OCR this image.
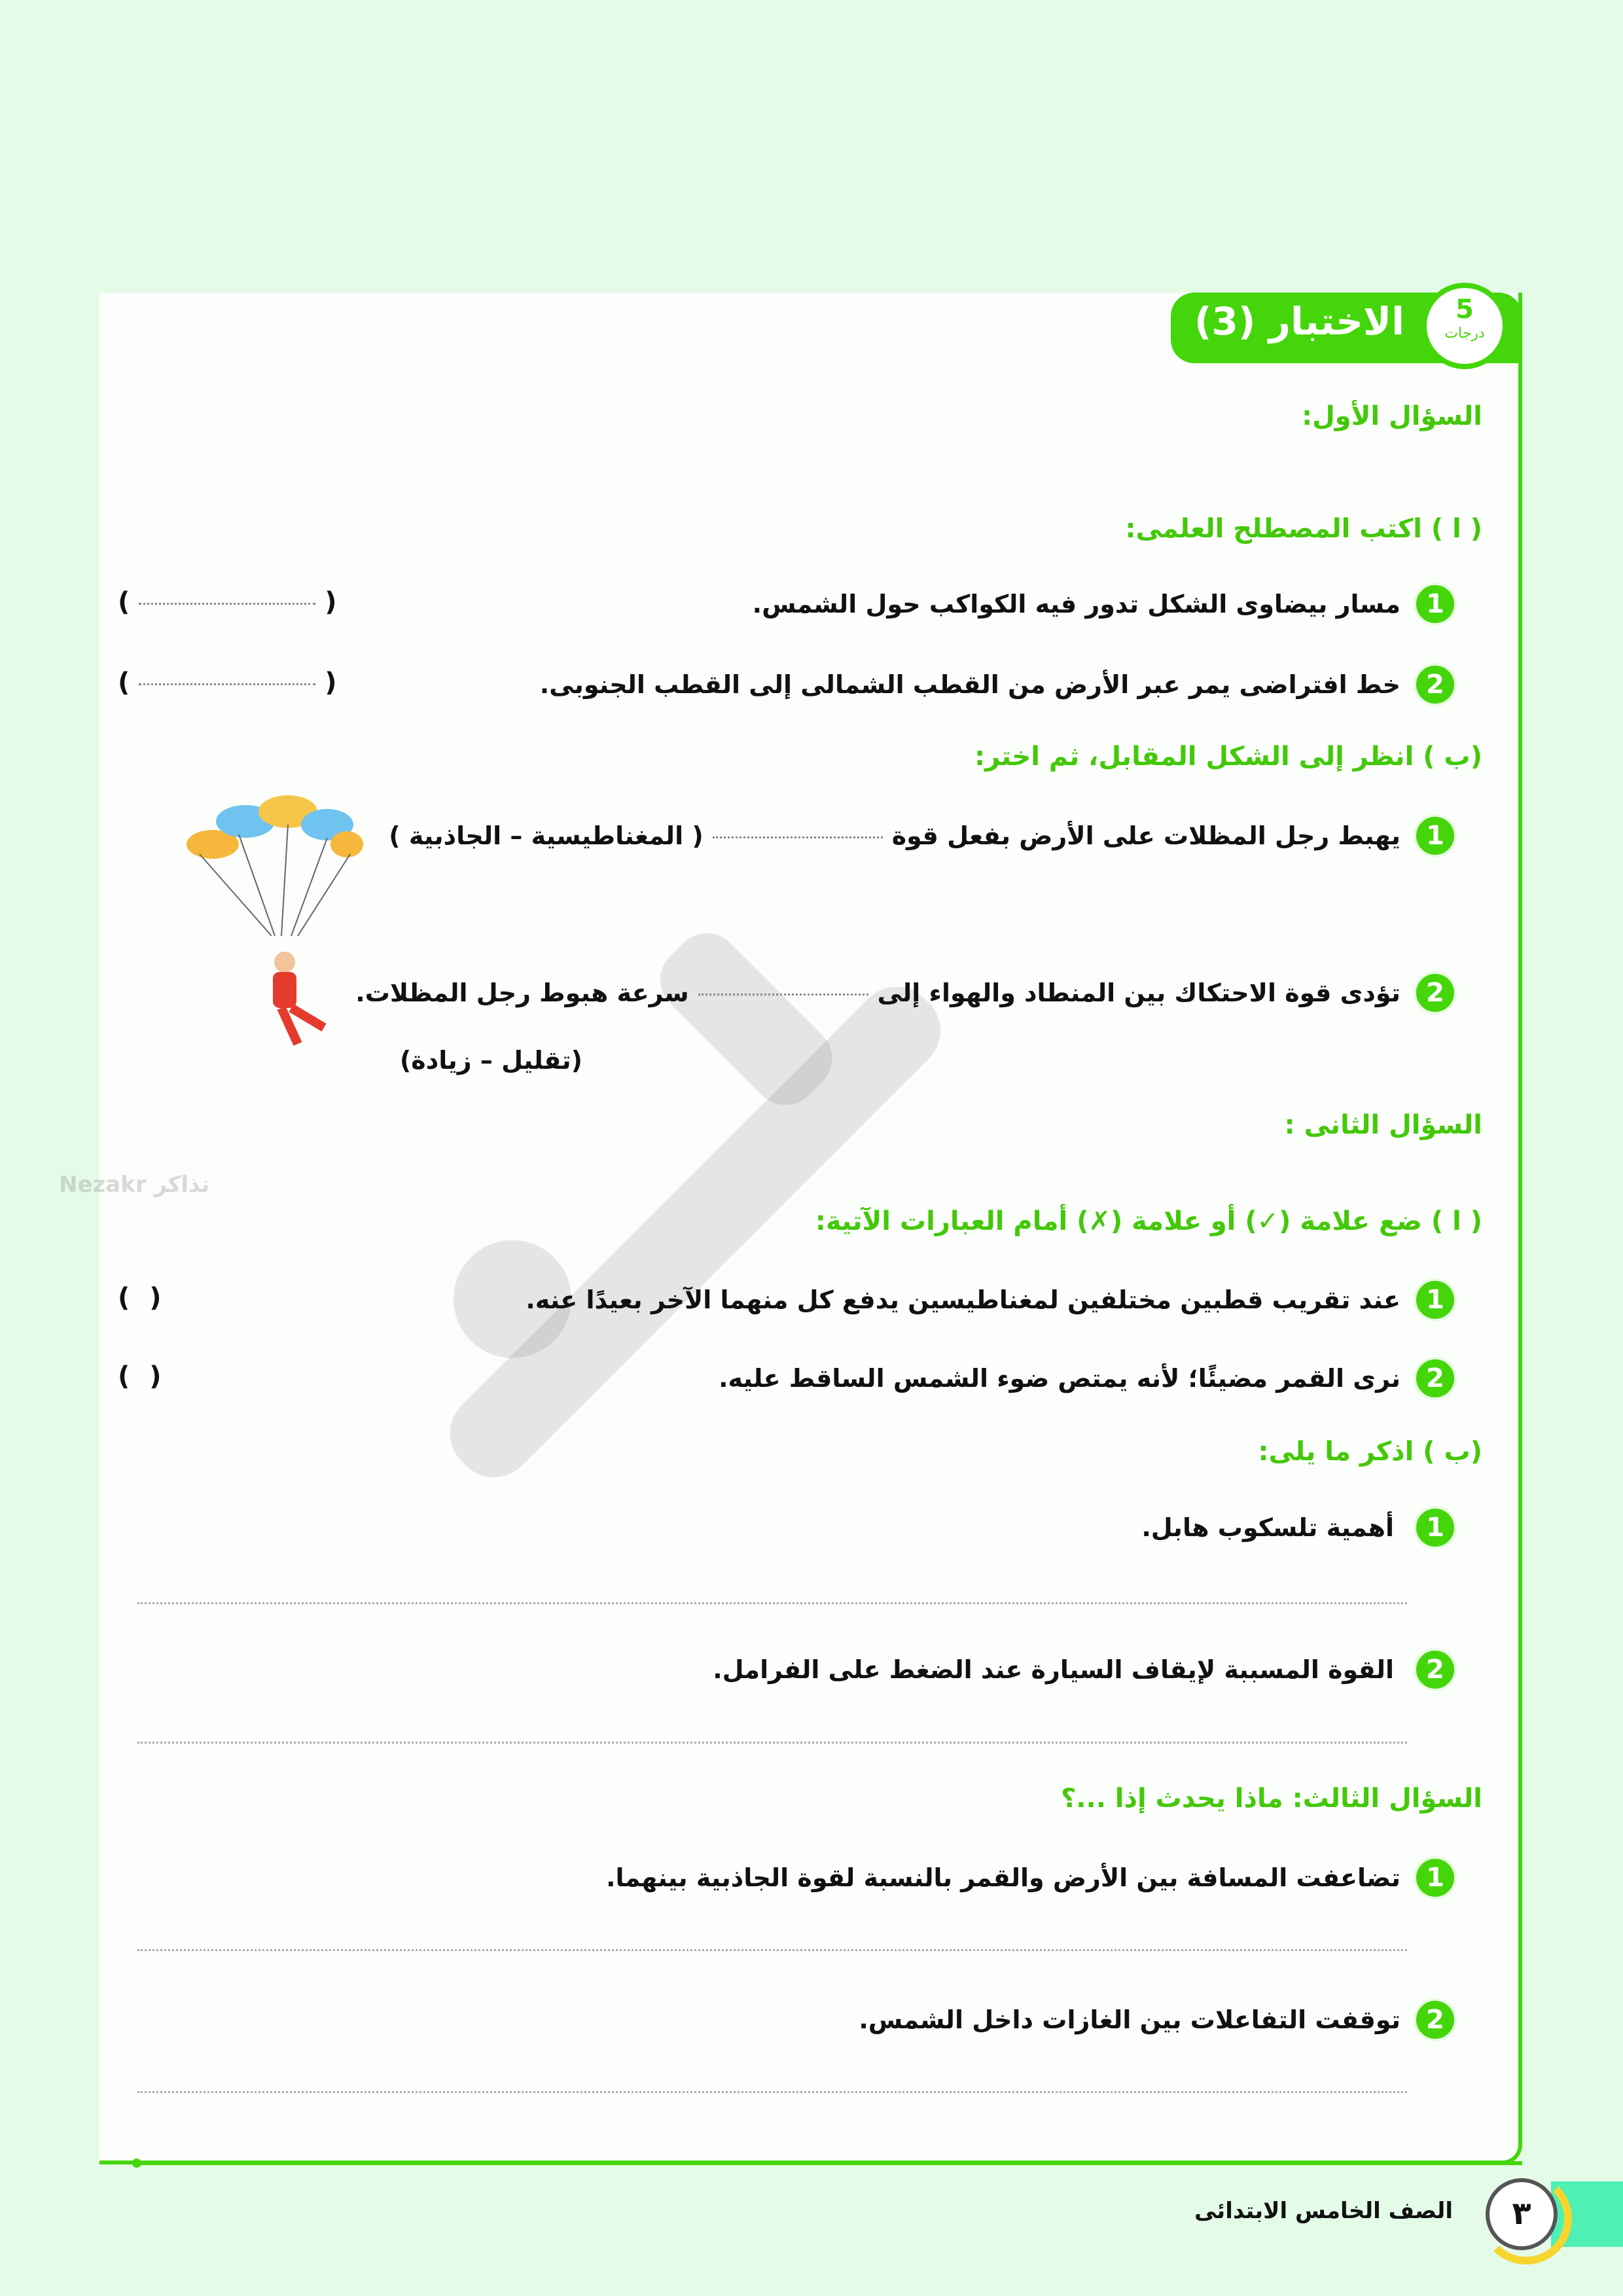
Nezakr نذاكر
الاختبار (3)	5
درجات
السؤال الأول:
( ا ) اكتب المصطلح العلمى:
1
مسار بيضاوى الشكل تدور فيه الكواكب حول الشمس.
(	)
2
خط افتراضى يمر عبر الأرض من القطب الشمالى إلى القطب الجنوبى.
(	)
(ب ) انظر إلى الشكل المقابل، ثم اختر:
1
يهبط رجل المظلات على الأرض بفعل قوة( المغناطيسية – الجاذبية )
2
تؤدى قوة الاحتكاك بين المنطاد والهواء إلىسرعة هبوط رجل المظلات.
(تقليل – زيادة)
السؤال الثانى :
( ا ) ضع علامة (✓) أو علامة (✗) أمام العبارات الآتية:
1
عند تقريب قطبين مختلفين لمغناطيسين يدفع كل منهما الآخر بعيدًا عنه.
( )
2
نرى القمر مضيئًا؛ لأنه يمتص ضوء الشمس الساقط عليه.
( )
(ب ) اذكر ما يلى:
1
أهمية تلسكوب هابل.
2
القوة المسببة لإيقاف السيارة عند الضغط على الفرامل.
السؤال الثالث: ماذا يحدث إذا ...؟
1
تضاعفت المسافة بين الأرض والقمر بالنسبة لقوة الجاذبية بينهما.
2
توقفت التفاعلات بين الغازات داخل الشمس.
٣
الصف الخامس الابتدائى
